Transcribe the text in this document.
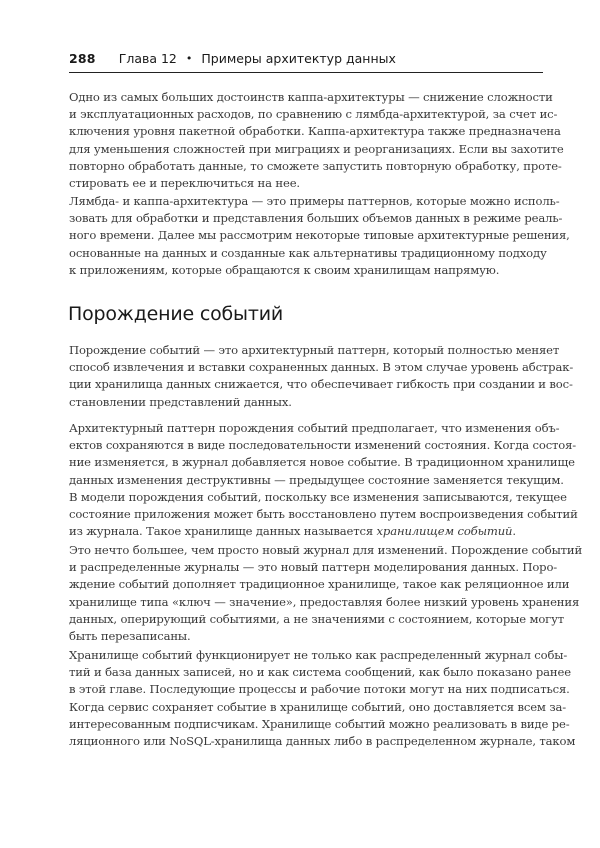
288 Глава 12 • Примеры архитектур данных

Одно из самых больших достоинств каппа-архитектуры — снижение сложности
и эксплуатационных расходов, по сравнению с лямбда-архитектурой, за счет ис-
ключения уровня пакетной обработки. Каппа-архитектура также предназначена
для уменьшения сложностей при миграциях и реорганизациях. Если вы захотите
повторно обработать данные, то сможете запустить повторную обработку, проте-
стировать ее и переключиться на нее.

Лямбда- и каппа-архитектура — это примеры паттернов, которые можно исполь-
зовать для обработки и представления больших объемов данных в режиме реаль-
ного времени. Далее мы рассмотрим некоторые типовые архитектурные решения,
основанные на данных и созданные как альтернативы традиционному подходу
к приложениям, которые обращаются к своим хранилищам напрямую.

Порождение событий

Порождение событий — это архитектурный паттерн, который полностью меняет
способ извлечения и вставки сохраненных данных. В этом случае уровень абстрак-
ции хранилища данных снижается, что обеспечивает гибкость при создании и вос-
становлении представлений данных.

Архитектурный паттерн порождения событий предполагает, что изменения объ-
ектов сохраняются в виде последовательности изменений состояния. Когда состоя-
ние изменяется, в журнал добавляется новое событие. В традиционном хранилище
данных изменения деструктивны — предыдущее состояние заменяется текущим.
В модели порождения событий, поскольку все изменения записываются, текущее
состояние приложения может быть восстановлено путем воспроизведения событий
из журнала. Такое хранилище данных называется хранилищем событий.

Это нечто большее, чем просто новый журнал для изменений. Порождение событий
и распределенные журналы — это новый паттерн моделирования данных. Поро-
ждение событий дополняет традиционное хранилище, такое как реляционное или
хранилище типа «ключ — значение», предоставляя более низкий уровень хранения
данных, оперирующий событиями, а не значениями с состоянием, которые могут
быть перезаписаны.

Хранилище событий функционирует не только как распределенный журнал собы-
тий и база данных записей, но и как система сообщений, как было показано ранее
в этой главе. Последующие процессы и рабочие потоки могут на них подписаться.
Когда сервис сохраняет событие в хранилище событий, оно доставляется всем за-
интересованным подписчикам. Хранилище событий можно реализовать в виде ре-
ляционного или NoSQL-хранилища данных либо в распределенном журнале, таком
